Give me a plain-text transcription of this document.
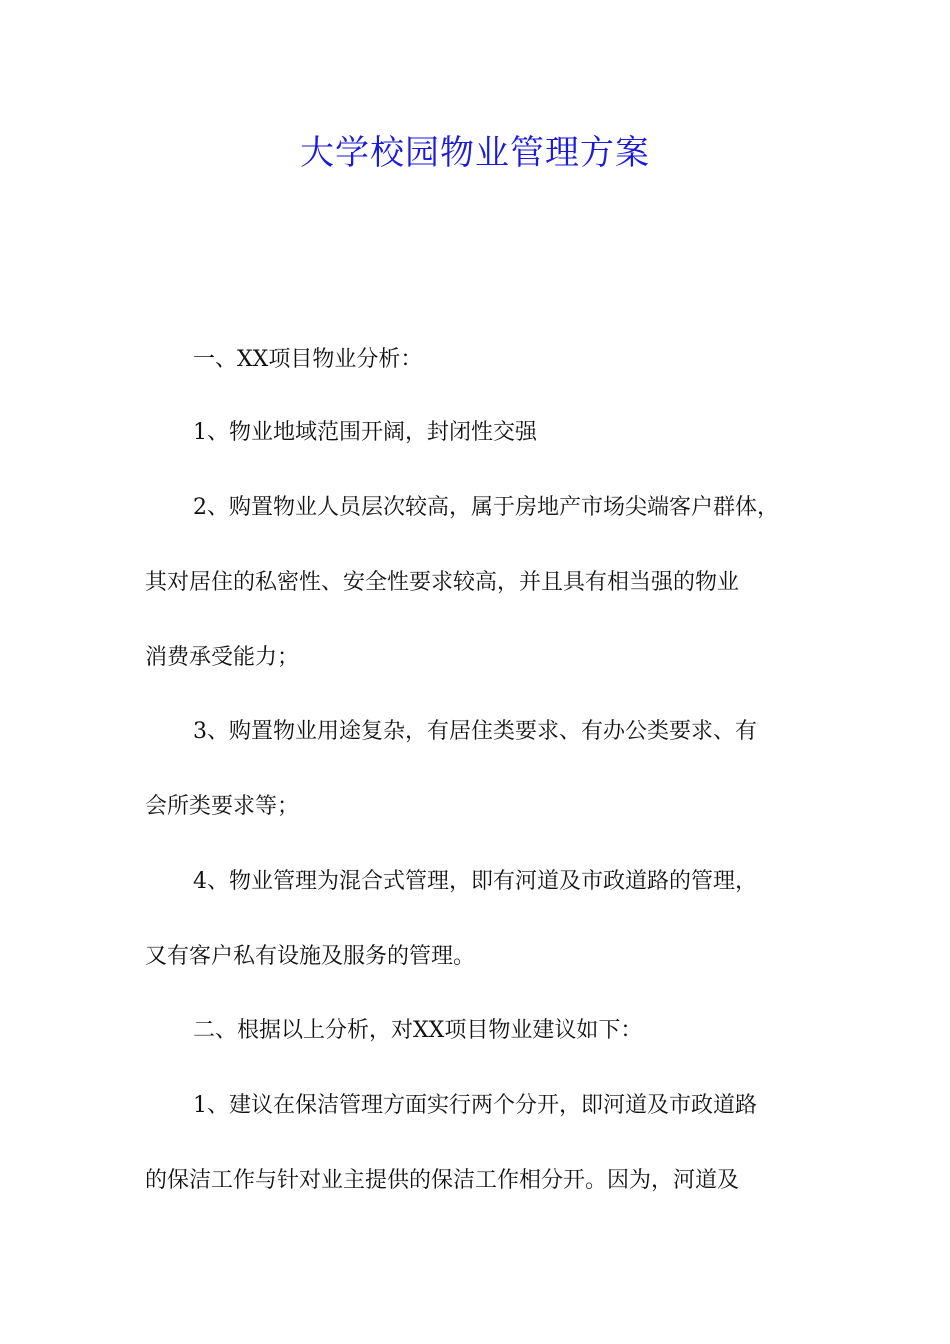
大学校园物业管理方案

一、XX项目物业分析：

1、物业地域范围开阔，封闭性交强

2、购置物业人员层次较高，属于房地产市场尖端客户群体，

其对居住的私密性、安全性要求较高，并且具有相当强的物业

消费承受能力；

3、购置物业用途复杂，有居住类要求、有办公类要求、有

会所类要求等；

4、物业管理为混合式管理，即有河道及市政道路的管理，

又有客户私有设施及服务的管理。

二、根据以上分析，对XX项目物业建议如下：

1、建议在保洁管理方面实行两个分开，即河道及市政道路

的保洁工作与针对业主提供的保洁工作相分开。因为，河道及
